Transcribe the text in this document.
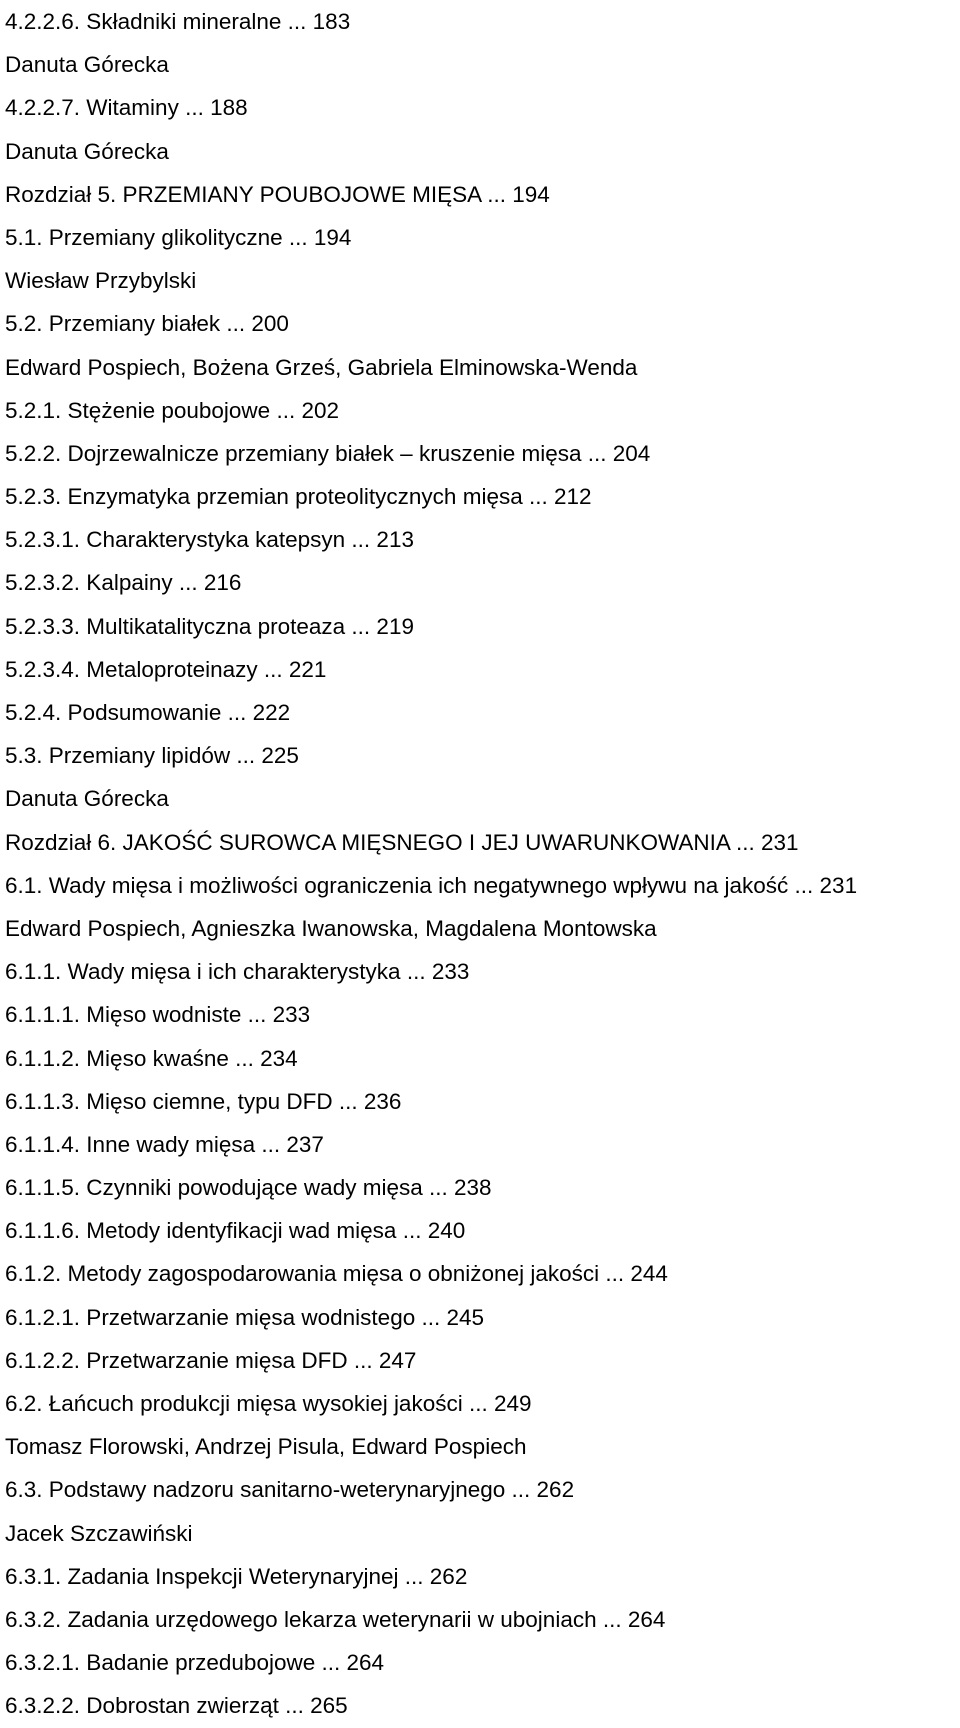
4.2.2.6. Składniki mineralne ... 183
Danuta Górecka
4.2.2.7. Witaminy ... 188
Danuta Górecka
Rozdział 5. PRZEMIANY POUBOJOWE MIĘSA ... 194
5.1. Przemiany glikolityczne ... 194
Wiesław Przybylski
5.2. Przemiany białek ... 200
Edward Pospiech, Bożena Grześ, Gabriela Elminowska-Wenda
5.2.1. Stężenie poubojowe ... 202
5.2.2. Dojrzewalnicze przemiany białek – kruszenie mięsa ... 204
5.2.3. Enzymatyka przemian proteolitycznych mięsa ... 212
5.2.3.1. Charakterystyka katepsyn ... 213
5.2.3.2. Kalpainy ... 216
5.2.3.3. Multikatalityczna proteaza ... 219
5.2.3.4. Metaloproteinazy ... 221
5.2.4. Podsumowanie ... 222
5.3. Przemiany lipidów ... 225
Danuta Górecka
Rozdział 6. JAKOŚĆ SUROWCA MIĘSNEGO I JEJ UWARUNKOWANIA ... 231
6.1. Wady mięsa i możliwości ograniczenia ich negatywnego wpływu na jakość ... 231
Edward Pospiech, Agnieszka Iwanowska, Magdalena Montowska
6.1.1. Wady mięsa i ich charakterystyka ... 233
6.1.1.1. Mięso wodniste ... 233
6.1.1.2. Mięso kwaśne ... 234
6.1.1.3. Mięso ciemne, typu DFD ... 236
6.1.1.4. Inne wady mięsa ... 237
6.1.1.5. Czynniki powodujące wady mięsa ... 238
6.1.1.6. Metody identyfikacji wad mięsa ... 240
6.1.2. Metody zagospodarowania mięsa o obniżonej jakości ... 244
6.1.2.1. Przetwarzanie mięsa wodnistego ... 245
6.1.2.2. Przetwarzanie mięsa DFD ... 247
6.2. Łańcuch produkcji mięsa wysokiej jakości ... 249
Tomasz Florowski, Andrzej Pisula, Edward Pospiech
6.3. Podstawy nadzoru sanitarno-weterynaryjnego ... 262
Jacek Szczawiński
6.3.1. Zadania Inspekcji Weterynaryjnej ... 262
6.3.2. Zadania urzędowego lekarza weterynarii w ubojniach ... 264
6.3.2.1. Badanie przedubojowe ... 264
6.3.2.2. Dobrostan zwierząt ... 265
